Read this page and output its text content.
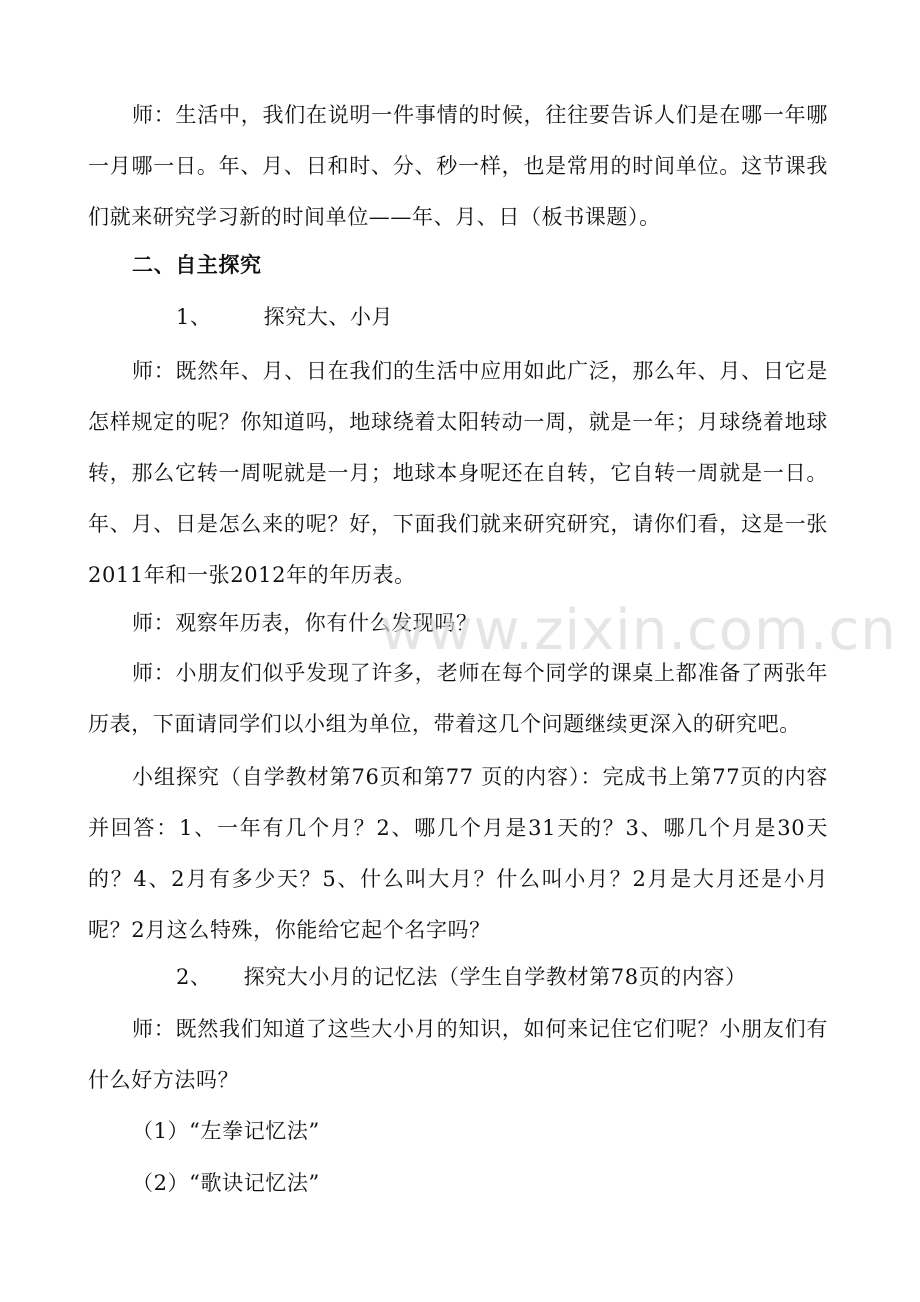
师：生活中，我们在说明一件事情的时候，往往要告诉人们是在哪一年哪一月哪一日。年、月、日和时、分、秒一样，也是常用的时间单位。这节课我们就来研究学习新的时间单位——年、月、日（板书课题）。

二、自主探究

1、 探究大、小月

师：既然年、月、日在我们的生活中应用如此广泛，那么年、月、日它是怎样规定的呢？你知道吗，地球绕着太阳转动一周，就是一年；月球绕着地球转，那么它转一周呢就是一月；地球本身呢还在自转，它自转一周就是一日。年、月、日是怎么来的呢？好，下面我们就来研究研究，请你们看，这是一张2011年和一张2012年的年历表。

师：观察年历表，你有什么发现吗？

师：小朋友们似乎发现了许多，老师在每个同学的课桌上都准备了两张年历表，下面请同学们以小组为单位，带着这几个问题继续更深入的研究吧。

小组探究（自学教材第76页和第77 页的内容）：完成书上第77页的内容并回答：1、一年有几个月？2、哪几个月是31天的？3、哪几个月是30天的？4、2月有多少天？5、什么叫大月？什么叫小月？2月是大月还是小月呢？2月这么特殊，你能给它起个名字吗？

2、 探究大小月的记忆法（学生自学教材第78页的内容）

师：既然我们知道了这些大小月的知识，如何来记住它们呢？小朋友们有什么好方法吗？

（1）“左拳记忆法”

（2）“歌诀记忆法”

www.zixin.com.cn
